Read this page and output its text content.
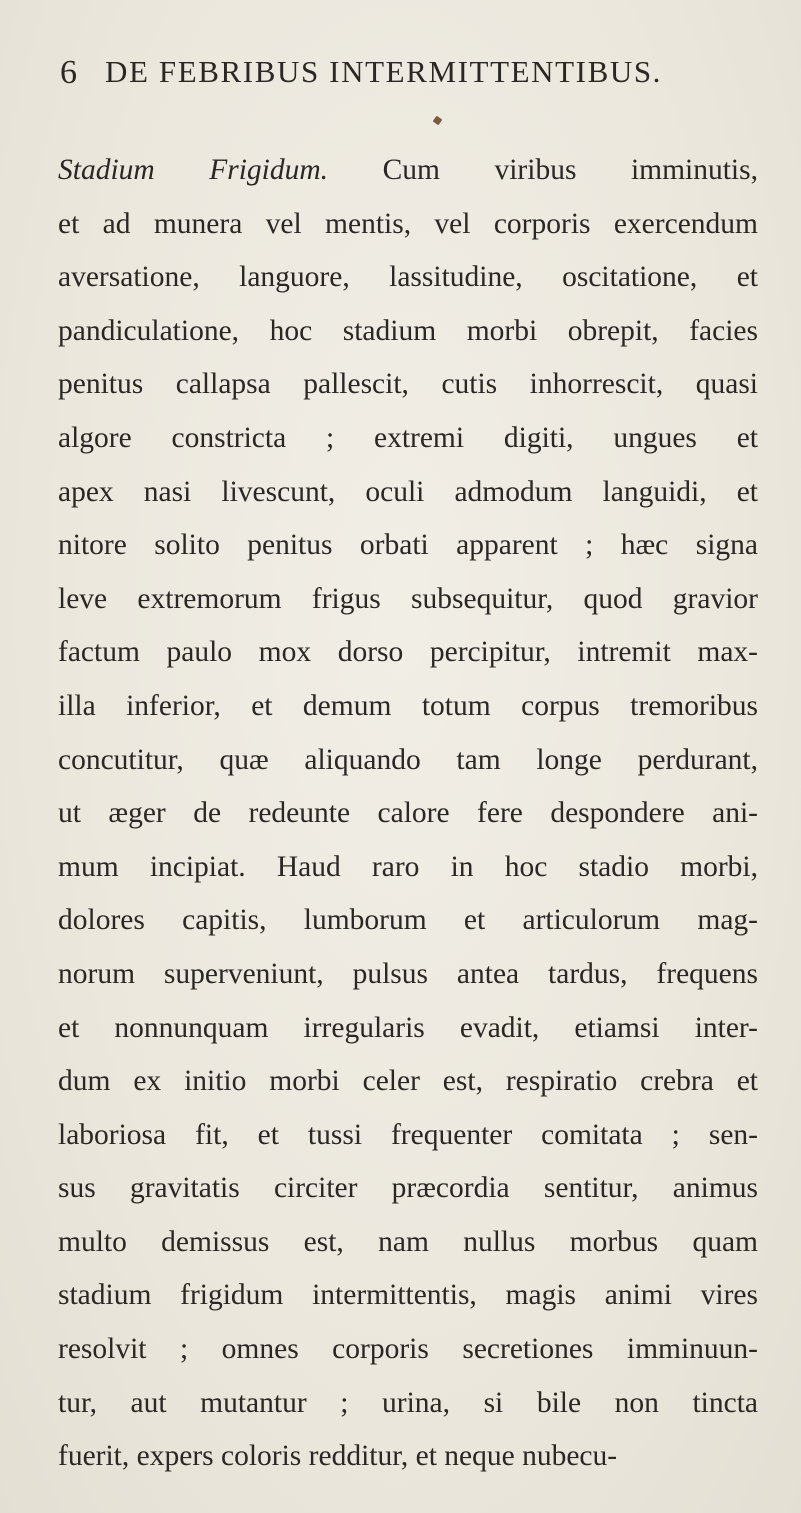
6 DE FEBRIBUS INTERMITTENTIBUS.
Stadium Frigidum. Cum viribus imminutis,
et ad munera vel mentis, vel corporis exercendum
aversatione, languore, lassitudine, oscitatione, et
pandiculatione, hoc stadium morbi obrepit, facies
penitus callapsa pallescit, cutis inhorrescit, quasi
algore constricta ; extremi digiti, ungues et
apex nasi livescunt, oculi admodum languidi, et
nitore solito penitus orbati apparent ; hæc signa
leve extremorum frigus subsequitur, quod gravior
factum paulo mox dorso percipitur, intremit max-
illa inferior, et demum totum corpus tremoribus
concutitur, quæ aliquando tam longe perdurant,
ut æger de redeunte calore fere despondere ani-
mum incipiat. Haud raro in hoc stadio morbi,
dolores capitis, lumborum et articulorum mag-
norum superveniunt, pulsus antea tardus, frequens
et nonnunquam irregularis evadit, etiamsi inter-
dum ex initio morbi celer est, respiratio crebra et
laboriosa fit, et tussi frequenter comitata ; sen-
sus gravitatis circiter præcordia sentitur, animus
multo demissus est, nam nullus morbus quam
stadium frigidum intermittentis, magis animi vires
resolvit ; omnes corporis secretiones imminuun-
tur, aut mutantur ; urina, si bile non tincta
fuerit, expers coloris redditur, et neque nubecu-
